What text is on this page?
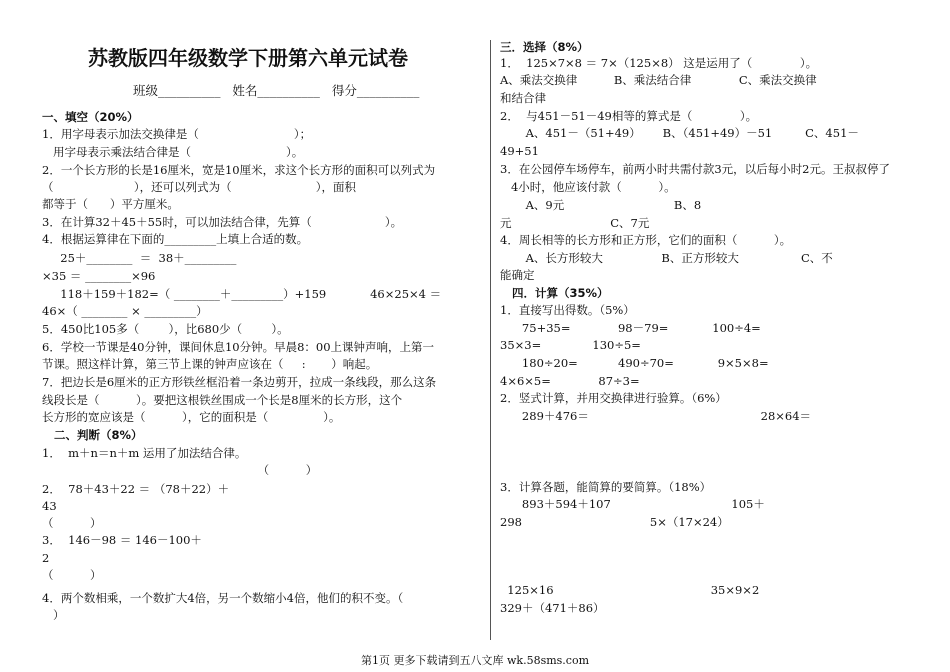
苏教版四年级数学下册第六单元试卷
班级__________   姓名__________   得分__________
一、填空（20%）
1．用字母表示加法交换律是（                          ）；
用字母表示乘法结合律是（                          ）。
2．一个长方形的长是16厘米，宽是10厘米，求这个长方形的面积可以列式为
（                      ），还可以列式为（                       ），面积
都等于（      ）平方厘米。
3．在计算32＋45＋55时，可以加法结合律，先算（                    ）。
4．根据运算律在下面的_________上填上合适的数。
25＋________  ＝  38＋_________
×35 ＝ ________×96
118＋159＋182=（ ________＋_________）+159            46×25×4 ＝
46×（ ________ × _________）
5．450比105多（        ），比680少（        ）。
6．学校一节课是40分钟，课间休息10分钟。早晨8：00上课钟声响，上第一
节课。照这样计算，第三节上课的钟声应该在（     :       ）响起。
7．把边长是6厘米的正方形铁丝框沿着一条边剪开，拉成一条线段，那么这条
线段长是（          ）。要把这根铁丝围成一个长是8厘米的长方形，这个
长方形的宽应该是（          ），它的面积是（               ）。
二、判断（8%）
1．  m＋n＝n＋m 运用了加法结合律。
（          ）
2．  78＋43＋22 ＝ （78＋22）＋
43
（          ）
3．  146－98 ＝ 146－100＋
2
（          ）
4．两个数相乘，一个数扩大4倍，另一个数缩小4倍，他们的积不变。（
）
三．选择（8%）
1．  125×7×8 ＝ 7×（125×8） 这是运用了（             ）。
A、乘法交换律          B、乘法结合律             C、乘法交换律
和结合律
2．  与451－51－49相等的算式是（             ）。
A、451－（51+49）      B、（451+49）－51         C、451－
49+51
3．在公园停车场停车，前两小时共需付款3元，以后每小时2元。王叔叔停了
4小时，他应该付款（          ）。
A、9元                              B、8
元                           C、7元
4．周长相等的长方形和正方形，它们的面积（          ）。
A、长方形较大                B、正方形较大                 C、不
能确定
四．计算（35%）
1．直接写出得数。（5%）
75+35=             98－79=            100÷4=
35×3=              130÷5=
180÷20=           490÷70=            9×5×8=
4×6×5=             87÷3=
2．竖式计算，并用交换律进行验算。（6%）
289＋476＝                                               28×64＝
3．计算各题，能简算的要简算。（18%）
893＋594＋107                                 105＋
298                                   5×（17×24）
125×16                                           35×9×2
329＋（471＋86）
第1页 更多下载请到五八文库 wk.58sms.com
